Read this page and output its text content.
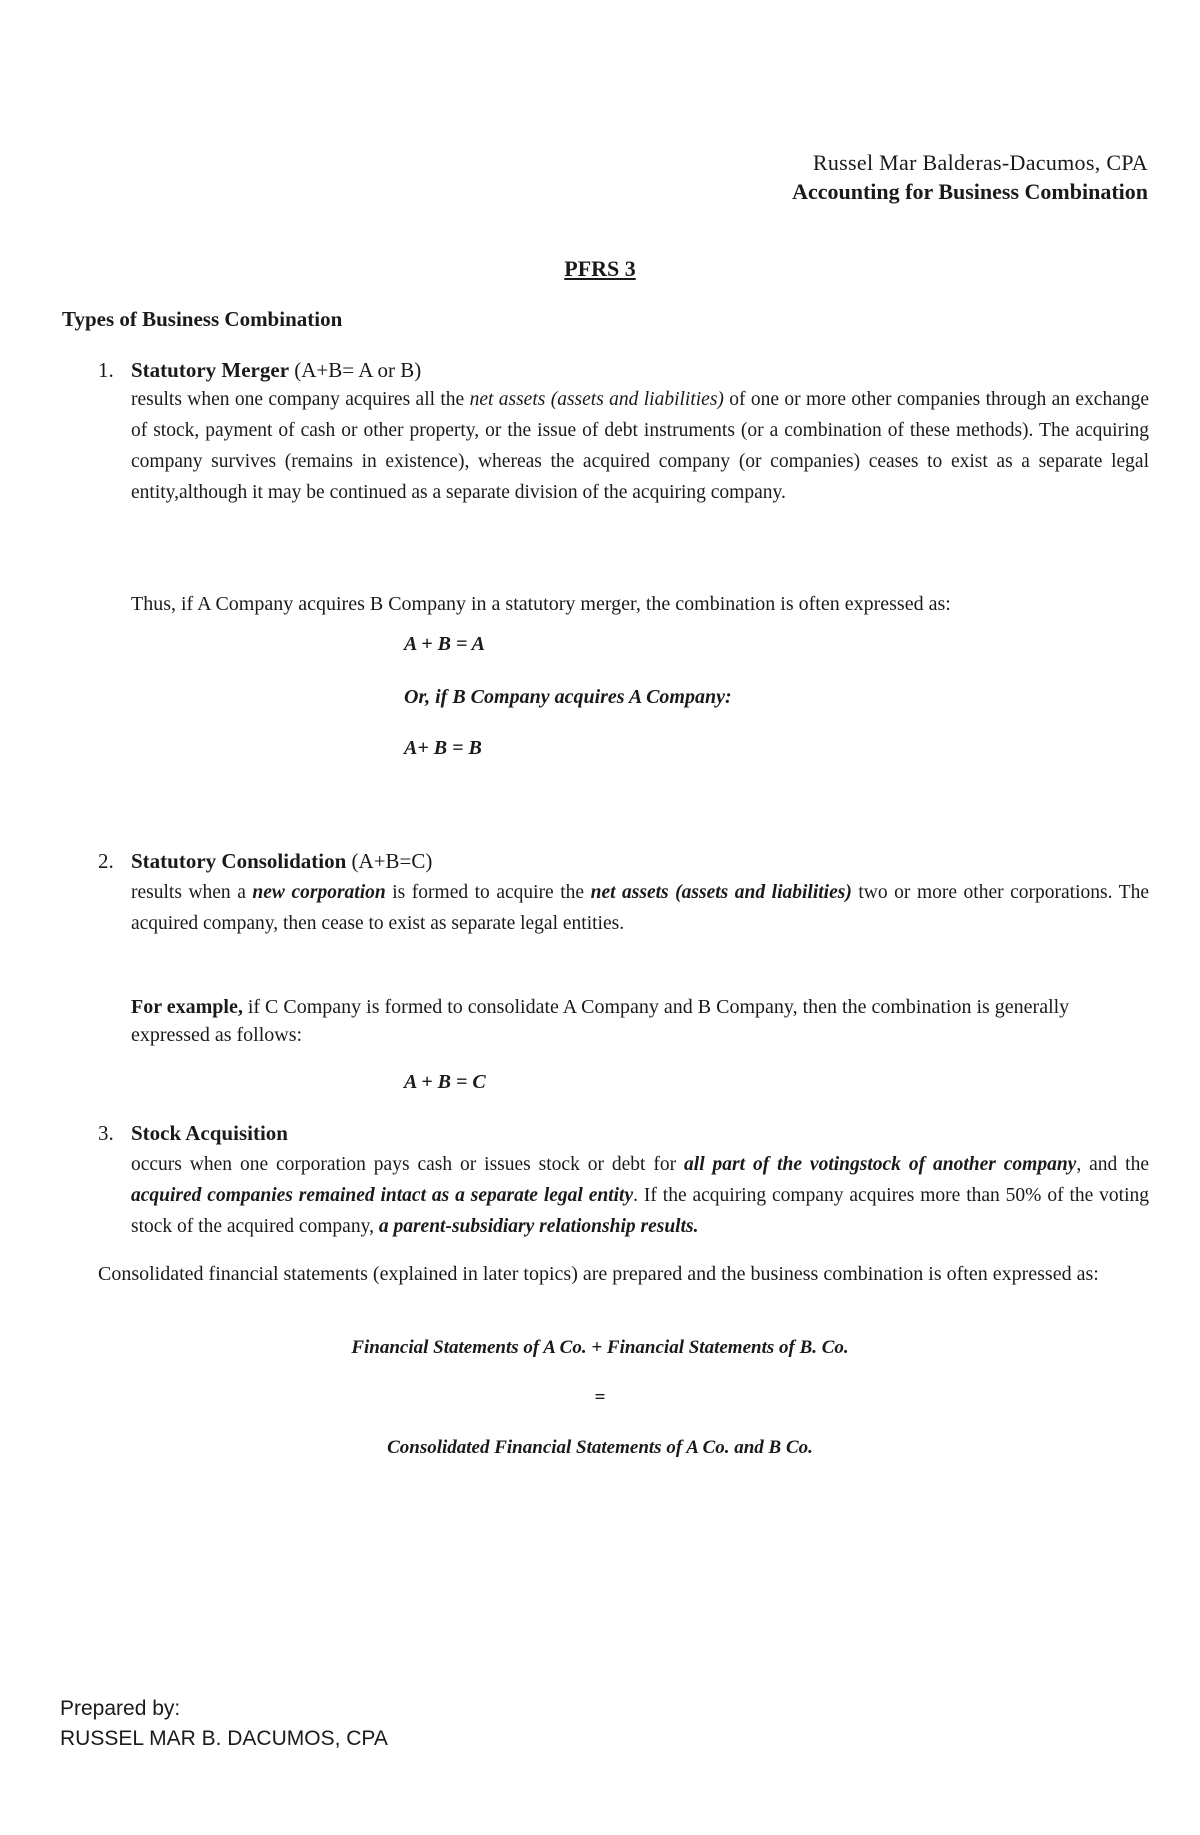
Russel Mar Balderas-Dacumos, CPA
Accounting for Business Combination
PFRS 3
Types of Business Combination
1. Statutory Merger (A+B= A or B)
results when one company acquires all the net assets (assets and liabilities) of one or more other companies through an exchange of stock, payment of cash or other property, or the issue of debt instruments (or a combination of these methods). The acquiring company survives (remains in existence), whereas the acquired company (or companies) ceases to exist as a separate legal entity,although it may be continued as a separate division of the acquiring company.
Thus, if A Company acquires B Company in a statutory merger, the combination is often expressed as:
A + B = A
Or, if B Company acquires A Company:
A+ B = B
2. Statutory Consolidation (A+B=C)
results when a new corporation is formed to acquire the net assets (assets and liabilities) two or more other corporations. The acquired company, then cease to exist as separate legal entities.
For example, if C Company is formed to consolidate A Company and B Company, then the combination is generally expressed as follows:
A + B = C
3. Stock Acquisition
occurs when one corporation pays cash or issues stock or debt for all part of the votingstock of another company, and the acquired companies remained intact as a separate legal entity. If the acquiring company acquires more than 50% of the voting stock of the acquired company, a parent-subsidiary relationship results.
Consolidated financial statements (explained in later topics) are prepared and the business combination is often expressed as:
Financial Statements of A Co. + Financial Statements of B. Co.
=
Consolidated Financial Statements of A Co. and B Co.
Prepared by:
RUSSEL MAR B. DACUMOS, CPA
